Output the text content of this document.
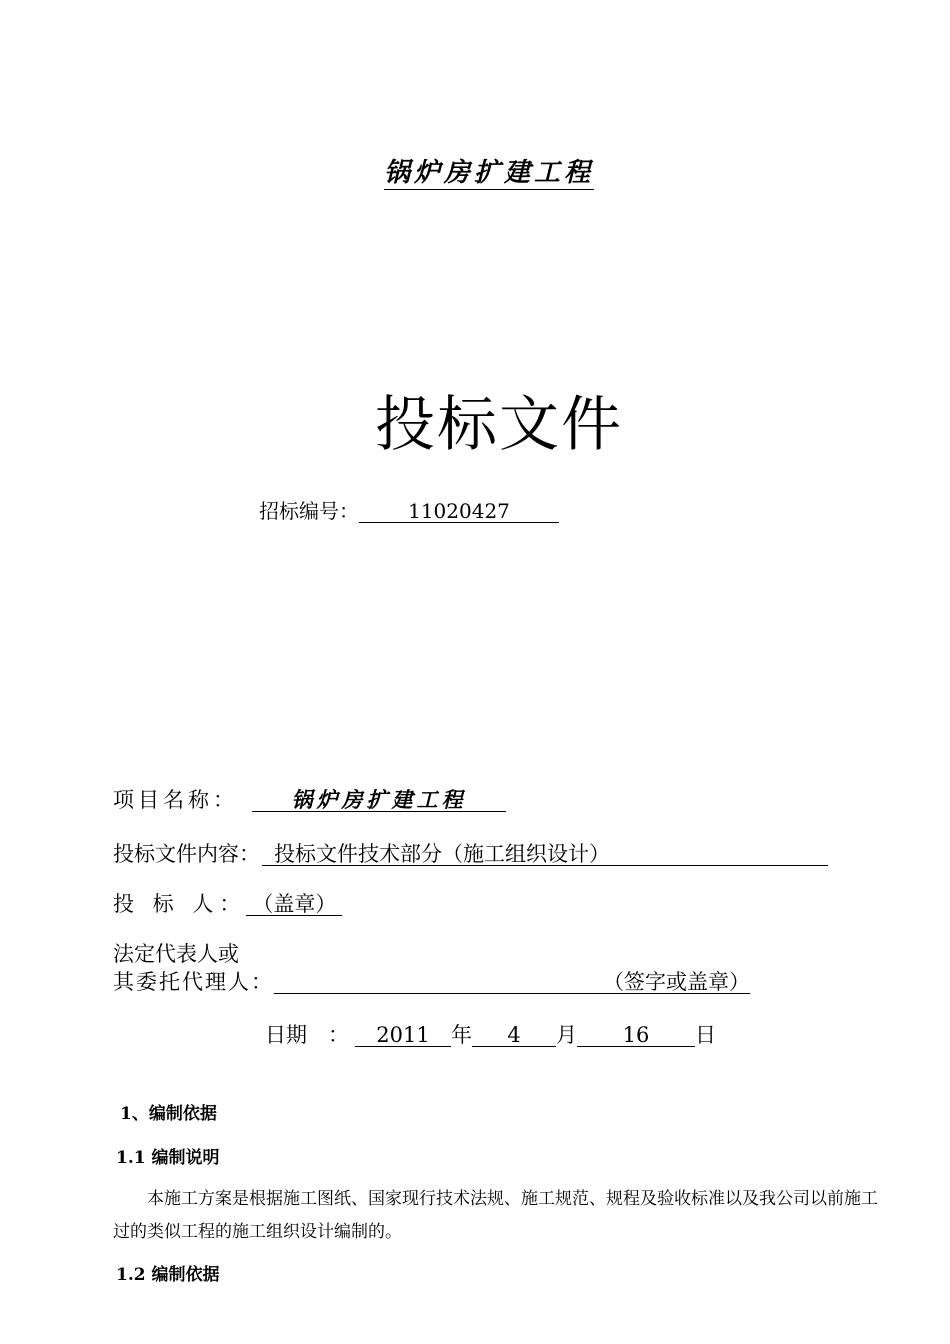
锅炉房扩建工程
投标文件
招标编号： 11020427
项目名称：	锅炉房扩建工程
投标文件内容： 投标文件技术部分（施工组织设计）
投 标 人： （盖章）
法定代表人或
其委托代理人：	（签字或盖章）
日期　： 2011 年 4 月 16 日
1、编制依据
1.1 编制说明
本施工方案是根据施工图纸、国家现行技术法规、施工规范、规程及验收标准以及我公司以前施工过的类似工程的施工组织设计编制的。
1.2 编制依据
